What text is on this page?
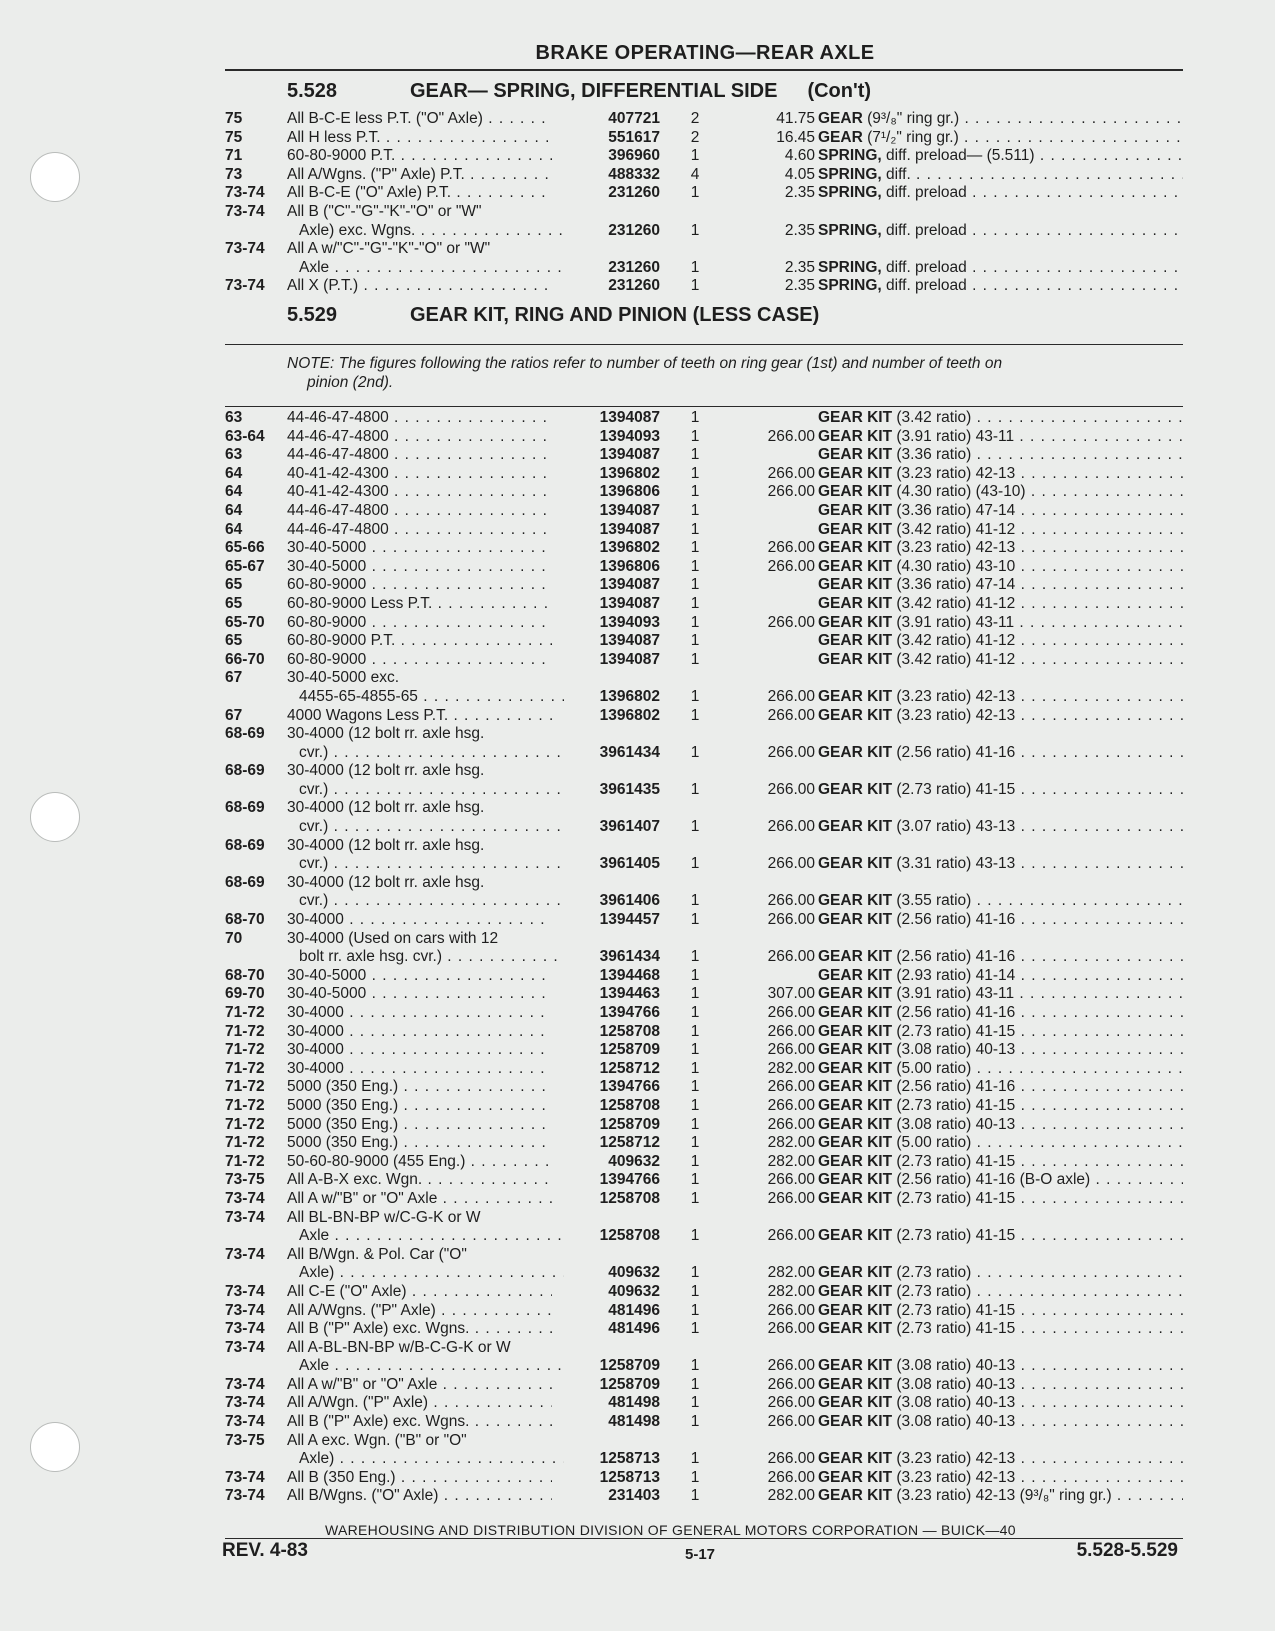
BRAKE OPERATING—REAR AXLE
5.528	GEAR— SPRING, DIFFERENTIAL SIDE (Con't)
75	All B-C-E less P.T. ("O" Axle) . . .	407721	2	41.75 GEAR (9³/₈" ring gr.) . . .
75	All H less P.T. . . .	551617	2	16.45 GEAR (7¹/₂" ring gr.) . . .
71	60-80-9000 P.T. . . .	396960	1	4.60 SPRING, diff. preload— (5.511) . . .
73	All A/Wgns. ("P" Axle) P.T. . . .	488332	4	4.05 SPRING, diff. . . .
73-74	All B-C-E ("O" Axle) P.T. . . .	231260	1	2.35 SPRING, diff. preload . . .
73-74	All B ("C"-"G"-"K"-"O" or "W"
Axle) exc. Wgns. . . .	231260	1	2.35 SPRING, diff. preload . . .
73-74	All A w/"C"-"G"-"K"-"O" or "W"
Axle . . .	231260	1	2.35 SPRING, diff. preload . . .
73-74	All X (P.T.) . . .	231260	1	2.35 SPRING, diff. preload . . .
5.529	GEAR KIT, RING AND PINION (LESS CASE)
NOTE: The figures following the ratios refer to number of teeth on ring gear (1st) and number of teeth on
pinion (2nd).
63	44-46-47-4800 . . .	1394087	1	GEAR KIT (3.42 ratio) . . .
63-64	44-46-47-4800 . . .	1394093	1	266.00 GEAR KIT (3.91 ratio) 43-11 . . .
63	44-46-47-4800 . . .	1394087	1	GEAR KIT (3.36 ratio) . . .
64	40-41-42-4300 . . .	1396802	1	266.00 GEAR KIT (3.23 ratio) 42-13 . . .
64	40-41-42-4300 . . .	1396806	1	266.00 GEAR KIT (4.30 ratio) (43-10) . . .
64	44-46-47-4800 . . .	1394087	1	GEAR KIT (3.36 ratio) 47-14 . . .
64	44-46-47-4800 . . .	1394087	1	GEAR KIT (3.42 ratio) 41-12 . . .
65-66	30-40-5000 . . .	1396802	1	266.00 GEAR KIT (3.23 ratio) 42-13 . . .
65-67	30-40-5000 . . .	1396806	1	266.00 GEAR KIT (4.30 ratio) 43-10 . . .
65	60-80-9000 . . .	1394087	1	GEAR KIT (3.36 ratio) 47-14 . . .
65	60-80-9000 Less P.T. . . .	1394087	1	GEAR KIT (3.42 ratio) 41-12 . . .
65-70	60-80-9000 . . .	1394093	1	266.00 GEAR KIT (3.91 ratio) 43-11 . . .
65	60-80-9000 P.T. . . .	1394087	1	GEAR KIT (3.42 ratio) 41-12 . . .
66-70	60-80-9000 . . .	1394087	1	GEAR KIT (3.42 ratio) 41-12 . . .
67	30-40-5000 exc.
4455-65-4855-65 . . .	1396802	1	266.00 GEAR KIT (3.23 ratio) 42-13 . . .
67	4000 Wagons Less P.T. . . .	1396802	1	266.00 GEAR KIT (3.23 ratio) 42-13 . . .
68-69	30-4000 (12 bolt rr. axle hsg.
cvr.) . . .	3961434	1	266.00 GEAR KIT (2.56 ratio) 41-16 . . .
68-69	30-4000 (12 bolt rr. axle hsg.
cvr.) . . .	3961435	1	266.00 GEAR KIT (2.73 ratio) 41-15 . . .
68-69	30-4000 (12 bolt rr. axle hsg.
cvr.) . . .	3961407	1	266.00 GEAR KIT (3.07 ratio) 43-13 . . .
68-69	30-4000 (12 bolt rr. axle hsg.
cvr.) . . .	3961405	1	266.00 GEAR KIT (3.31 ratio) 43-13 . . .
68-69	30-4000 (12 bolt rr. axle hsg.
cvr.) . . .	3961406	1	266.00 GEAR KIT (3.55 ratio) . . .
68-70	30-4000 . . .	1394457	1	266.00 GEAR KIT (2.56 ratio) 41-16 . . .
70	30-4000 (Used on cars with 12
bolt rr. axle hsg. cvr.) . . .	3961434	1	266.00 GEAR KIT (2.56 ratio) 41-16 . . .
68-70	30-40-5000 . . .	1394468	1	GEAR KIT (2.93 ratio) 41-14 . . .
69-70	30-40-5000 . . .	1394463	1	307.00 GEAR KIT (3.91 ratio) 43-11 . . .
71-72	30-4000 . . .	1394766	1	266.00 GEAR KIT (2.56 ratio) 41-16 . . .
71-72	30-4000 . . .	1258708	1	266.00 GEAR KIT (2.73 ratio) 41-15 . . .
71-72	30-4000 . . .	1258709	1	266.00 GEAR KIT (3.08 ratio) 40-13 . . .
71-72	30-4000 . . .	1258712	1	282.00 GEAR KIT (5.00 ratio) . . .
71-72	5000 (350 Eng.) . . .	1394766	1	266.00 GEAR KIT (2.56 ratio) 41-16 . . .
71-72	5000 (350 Eng.) . . .	1258708	1	266.00 GEAR KIT (2.73 ratio) 41-15 . . .
71-72	5000 (350 Eng.) . . .	1258709	1	266.00 GEAR KIT (3.08 ratio) 40-13 . . .
71-72	5000 (350 Eng.) . . .	1258712	1	282.00 GEAR KIT (5.00 ratio) . . .
71-72	50-60-80-9000 (455 Eng.) . . .	409632	1	282.00 GEAR KIT (2.73 ratio) 41-15 . . .
73-75	All A-B-X exc. Wgn. . . .	1394766	1	266.00 GEAR KIT (2.56 ratio) 41-16 (B-O axle) . . .
73-74	All A w/"B" or "O" Axle . . .	1258708	1	266.00 GEAR KIT (2.73 ratio) 41-15 . . .
73-74	All BL-BN-BP w/C-G-K or W
Axle . . .	1258708	1	266.00 GEAR KIT (2.73 ratio) 41-15 . . .
73-74	All B/Wgn. & Pol. Car ("O"
Axle) . . .	409632	1	282.00 GEAR KIT (2.73 ratio) . . .
73-74	All C-E ("O" Axle) . . .	409632	1	282.00 GEAR KIT (2.73 ratio) . . .
73-74	All A/Wgns. ("P" Axle) . . .	481496	1	266.00 GEAR KIT (2.73 ratio) 41-15 . . .
73-74	All B ("P" Axle) exc. Wgns. . . .	481496	1	266.00 GEAR KIT (2.73 ratio) 41-15 . . .
73-74	All A-BL-BN-BP w/B-C-G-K or W
Axle . . .	1258709	1	266.00 GEAR KIT (3.08 ratio) 40-13 . . .
73-74	All A w/"B" or "O" Axle . . .	1258709	1	266.00 GEAR KIT (3.08 ratio) 40-13 . . .
73-74	All A/Wgn. ("P" Axle) . . .	481498	1	266.00 GEAR KIT (3.08 ratio) 40-13 . . .
73-74	All B ("P" Axle) exc. Wgns. . . .	481498	1	266.00 GEAR KIT (3.08 ratio) 40-13 . . .
73-75	All A exc. Wgn. ("B" or "O"
Axle) . . .	1258713	1	266.00 GEAR KIT (3.23 ratio) 42-13 . . .
73-74	All B (350 Eng.) . . .	1258713	1	266.00 GEAR KIT (3.23 ratio) 42-13 . . .
73-74	All B/Wgns. ("O" Axle) . . .	231403	1	282.00 GEAR KIT (3.23 ratio) 42-13 (9³/₈" ring gr.) . . .
WAREHOUSING AND DISTRIBUTION DIVISION OF GENERAL MOTORS CORPORATION — BUICK—40
REV. 4-83	5-17	5.528-5.529
